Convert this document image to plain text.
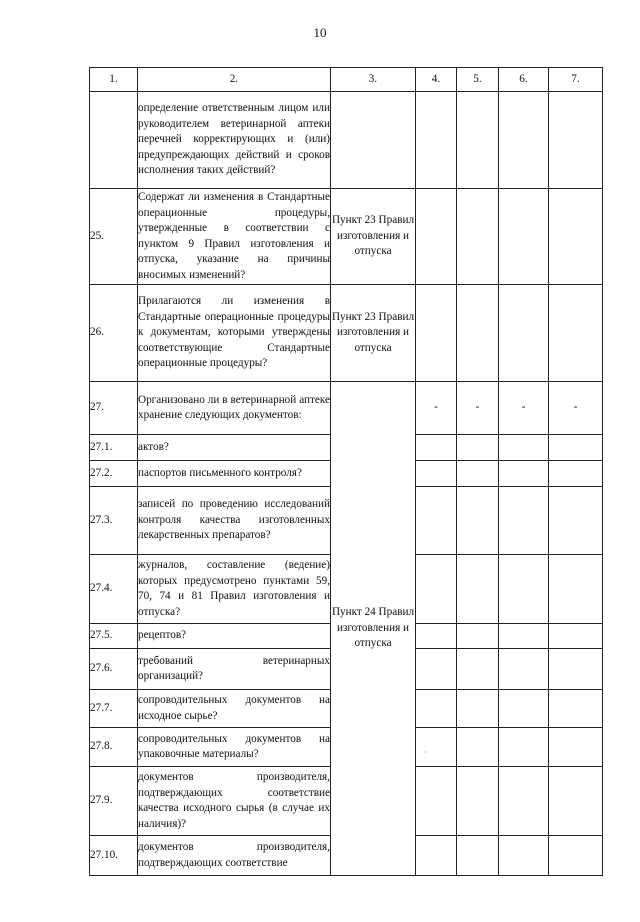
10
1.	2.	3.	4.	5.	6.	7.
	определение ответственным лицом или руководителем ветеринарной аптеки перечней корректирующих и (или) предупреждающих действий и сроков исполнения таких действий?					
25.	Содержат ли изменения в Стандартные операционные процедуры, утвержденные в соответствии с пунктом 9 Правил изготовления и отпуска, указание на причины вносимых изменений?	Пункт 23 Правил изготовления и отпуска				
26.	Прилагаются ли изменения в Стандартные операционные процедуры к документам, которыми утверждены соответствующие Стандартные операционные процедуры?	Пункт 23 Правил изготовления и отпуска				
27.	Организовано ли в ветеринарной аптеке хранение следующих документов:	Пункт 24 Правил изготовления и отпуска	-	-	-	-
27.1.	актов?					
27.2.	паспортов письменного контроля?					
27.3.	записей по проведению исследований контроля качества изготовленных лекарственных препаратов?					
27.4.	журналов, составление (ведение) которых предусмотрено пунктами 59, 70, 74 и 81 Правил изготовления и отпуска?					
27.5.	рецептов?					
27.6.	требований ветеринарных организаций?					
27.7.	сопроводительных документов на исходное сырье?					
27.8.	сопроводительных документов на упаковочные материалы?					
27.9.	документов производителя, подтверждающих соответствие качества исходного сырья (в случае их наличия)?					
27.10.	документов производителя, подтверждающих соответствие					
·
